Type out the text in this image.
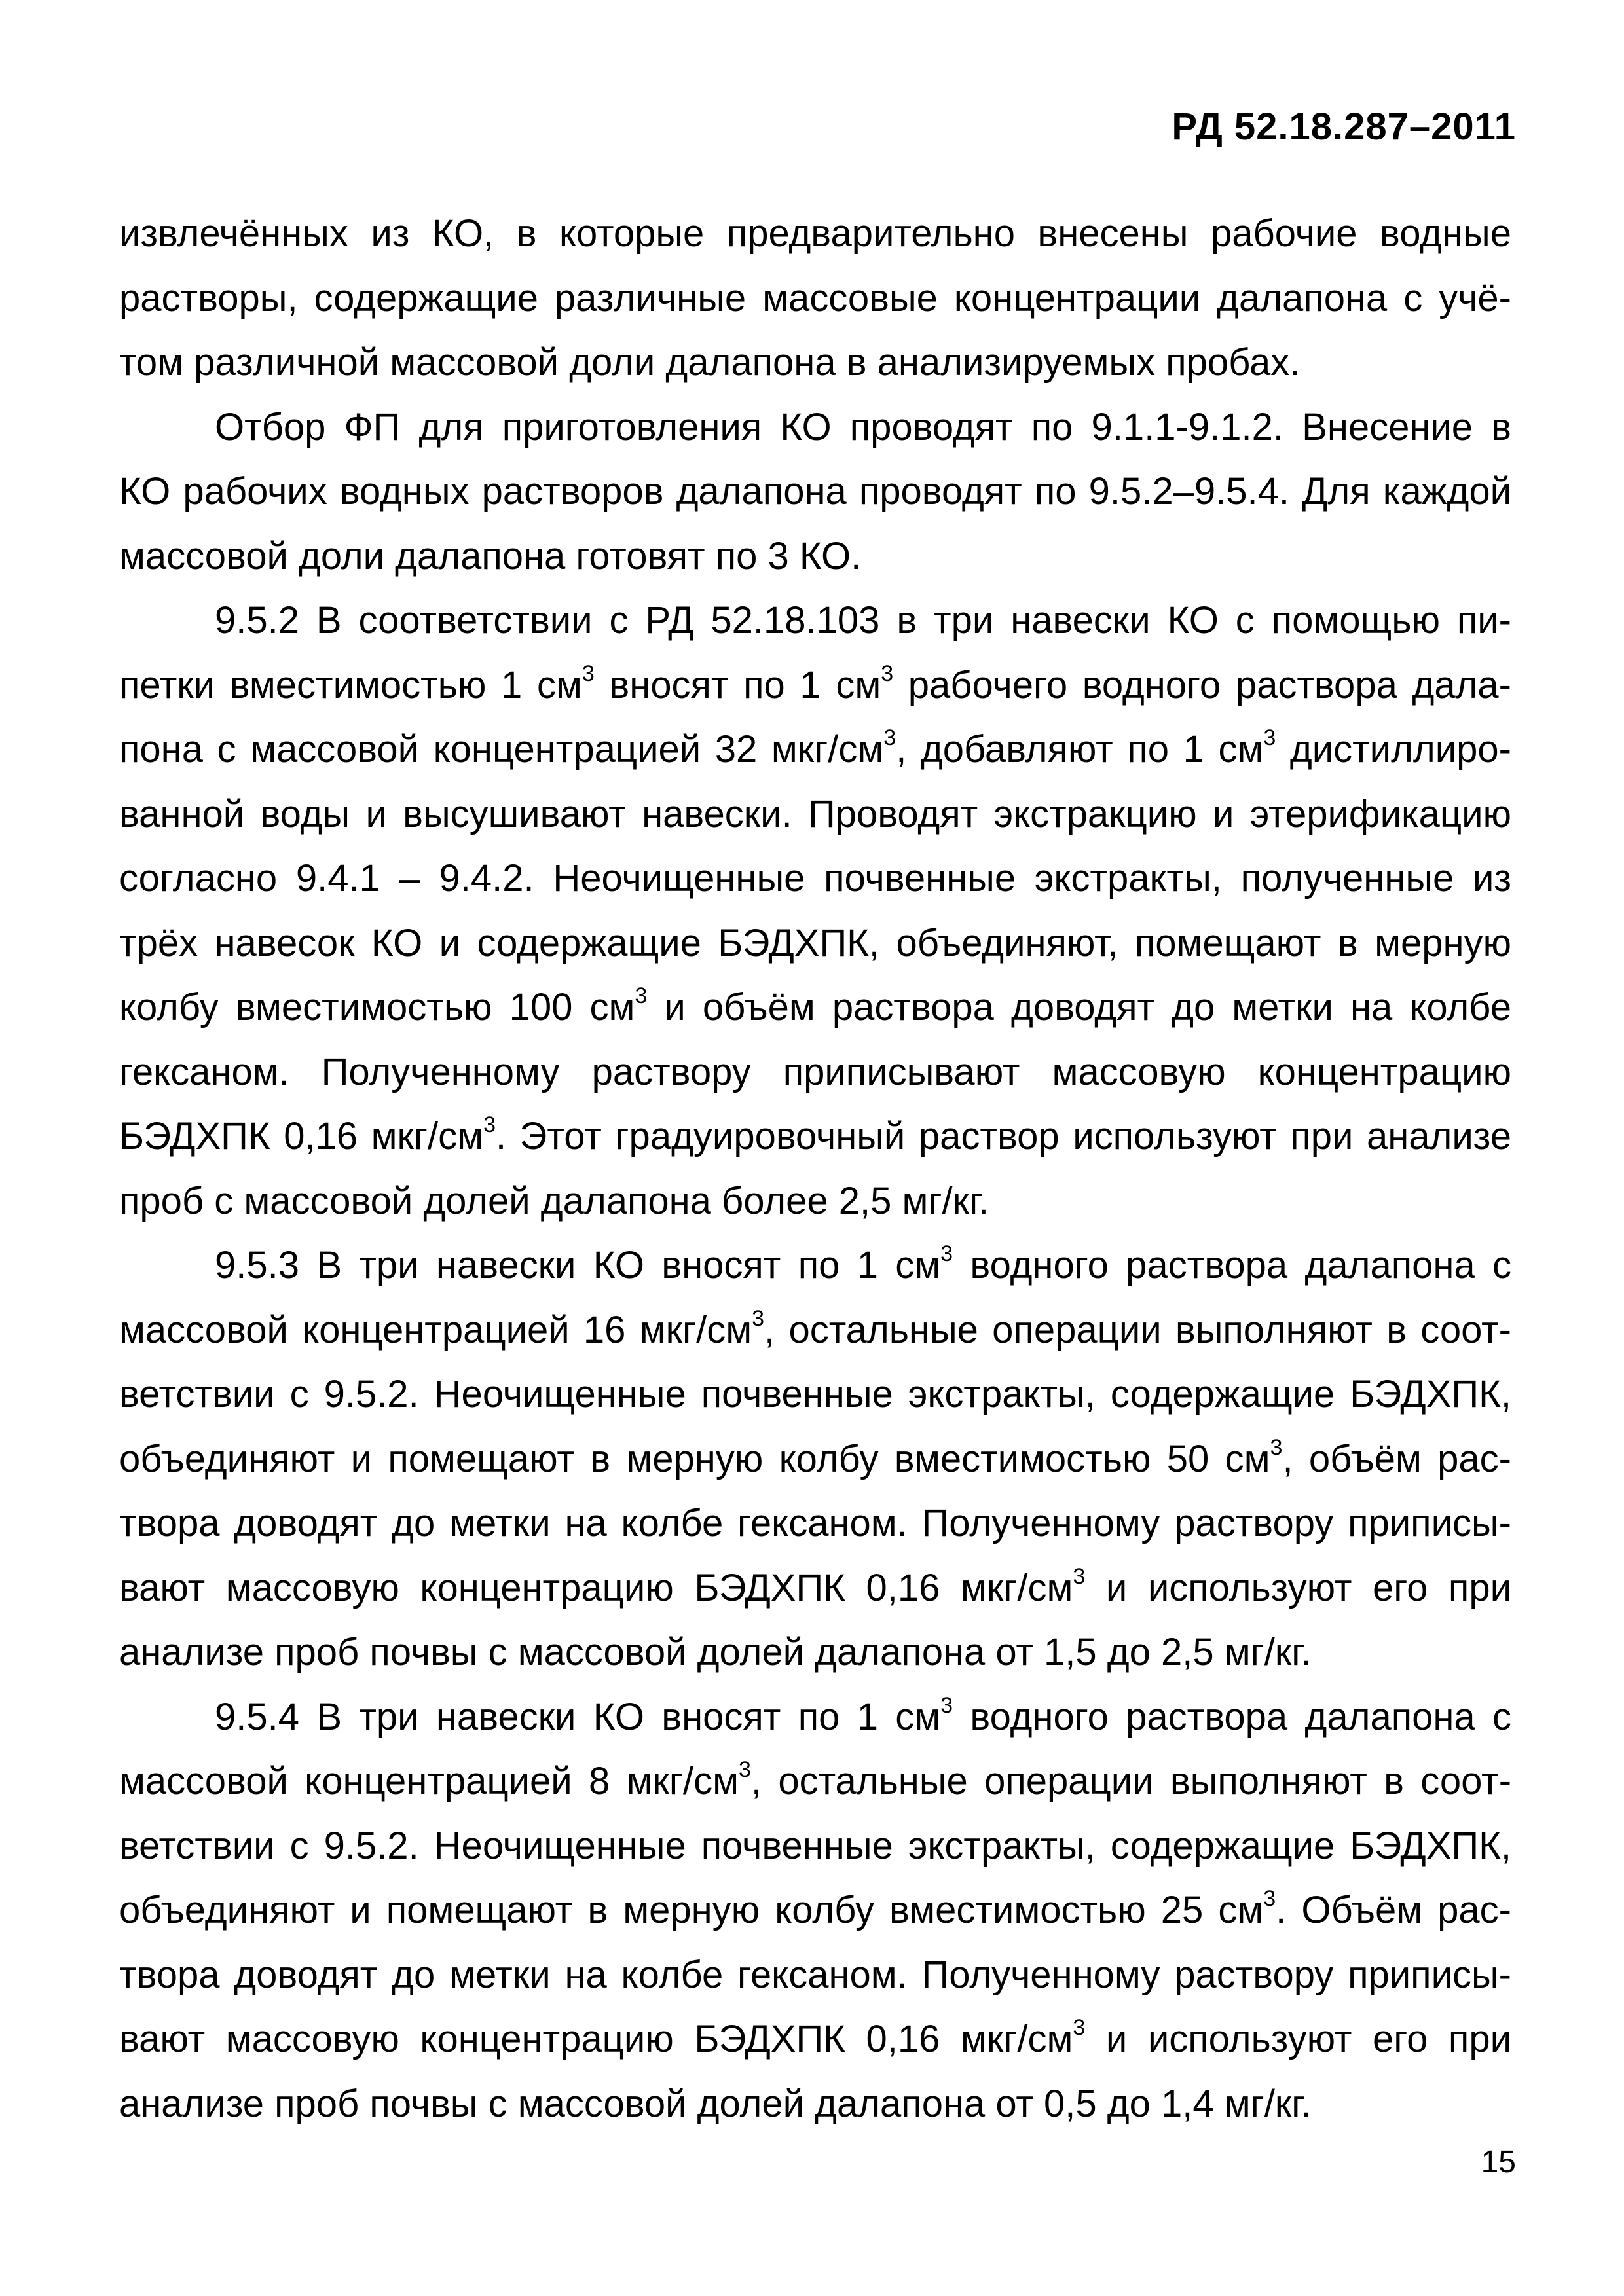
РД 52.18.287–2011

извлечённых из КО, в которые предварительно внесены рабочие водные
растворы, содержащие различные массовые концентрации далапона с учё-
том различной массовой доли далапона в анализируемых пробах.

Отбор ФП для приготовления КО проводят по 9.1.1-9.1.2. Внесение в
КО рабочих водных растворов далапона проводят по 9.5.2–9.5.4. Для каждой
массовой доли далапона готовят по 3 КО.

9.5.2 В соответствии с РД 52.18.103 в три навески КО с помощью пи-
петки вместимостью 1 $см^3$ вносят по 1 $см^3$ рабочего водного раствора дала-
пона с массовой концентрацией 32 мкг/$см^3$, добавляют по 1 $см^3$ дистиллиро-
ванной воды и высушивают навески. Проводят экстракцию и этерификацию
согласно 9.4.1 – 9.4.2. Неочищенные почвенные экстракты, полученные из
трёх навесок КО и содержащие БЭДХПК, объединяют, помещают в мерную
колбу вместимостью 100 $см^3$ и объём раствора доводят до метки на колбе
гексаном. Полученному раствору приписывают массовую концентрацию
БЭДХПК 0,16 мкг/$см^3$. Этот градуировочный раствор используют при анализе
проб с массовой долей далапона более 2,5 мг/кг.

9.5.3 В три навески КО вносят по 1 $см^3$ водного раствора далапона с
массовой концентрацией 16 мкг/$см^3$, остальные операции выполняют в соот-
ветствии с 9.5.2. Неочищенные почвенные экстракты, содержащие БЭДХПК,
объединяют и помещают в мерную колбу вместимостью 50 $см^3$, объём рас-
твора доводят до метки на колбе гексаном. Полученному раствору приписы-
вают массовую концентрацию БЭДХПК 0,16 мкг/$см^3$ и используют его при
анализе проб почвы с массовой долей далапона от 1,5 до 2,5 мг/кг.

9.5.4 В три навески КО вносят по 1 $см^3$ водного раствора далапона с
массовой концентрацией 8 мкг/$см^3$, остальные операции выполняют в соот-
ветствии с 9.5.2. Неочищенные почвенные экстракты, содержащие БЭДХПК,
объединяют и помещают в мерную колбу вместимостью 25 $см^3$. Объём рас-
твора доводят до метки на колбе гексаном. Полученному раствору приписы-
вают массовую концентрацию БЭДХПК 0,16 мкг/$см^3$ и используют его при
анализе проб почвы с массовой долей далапона от 0,5 до 1,4 мг/кг.

15
